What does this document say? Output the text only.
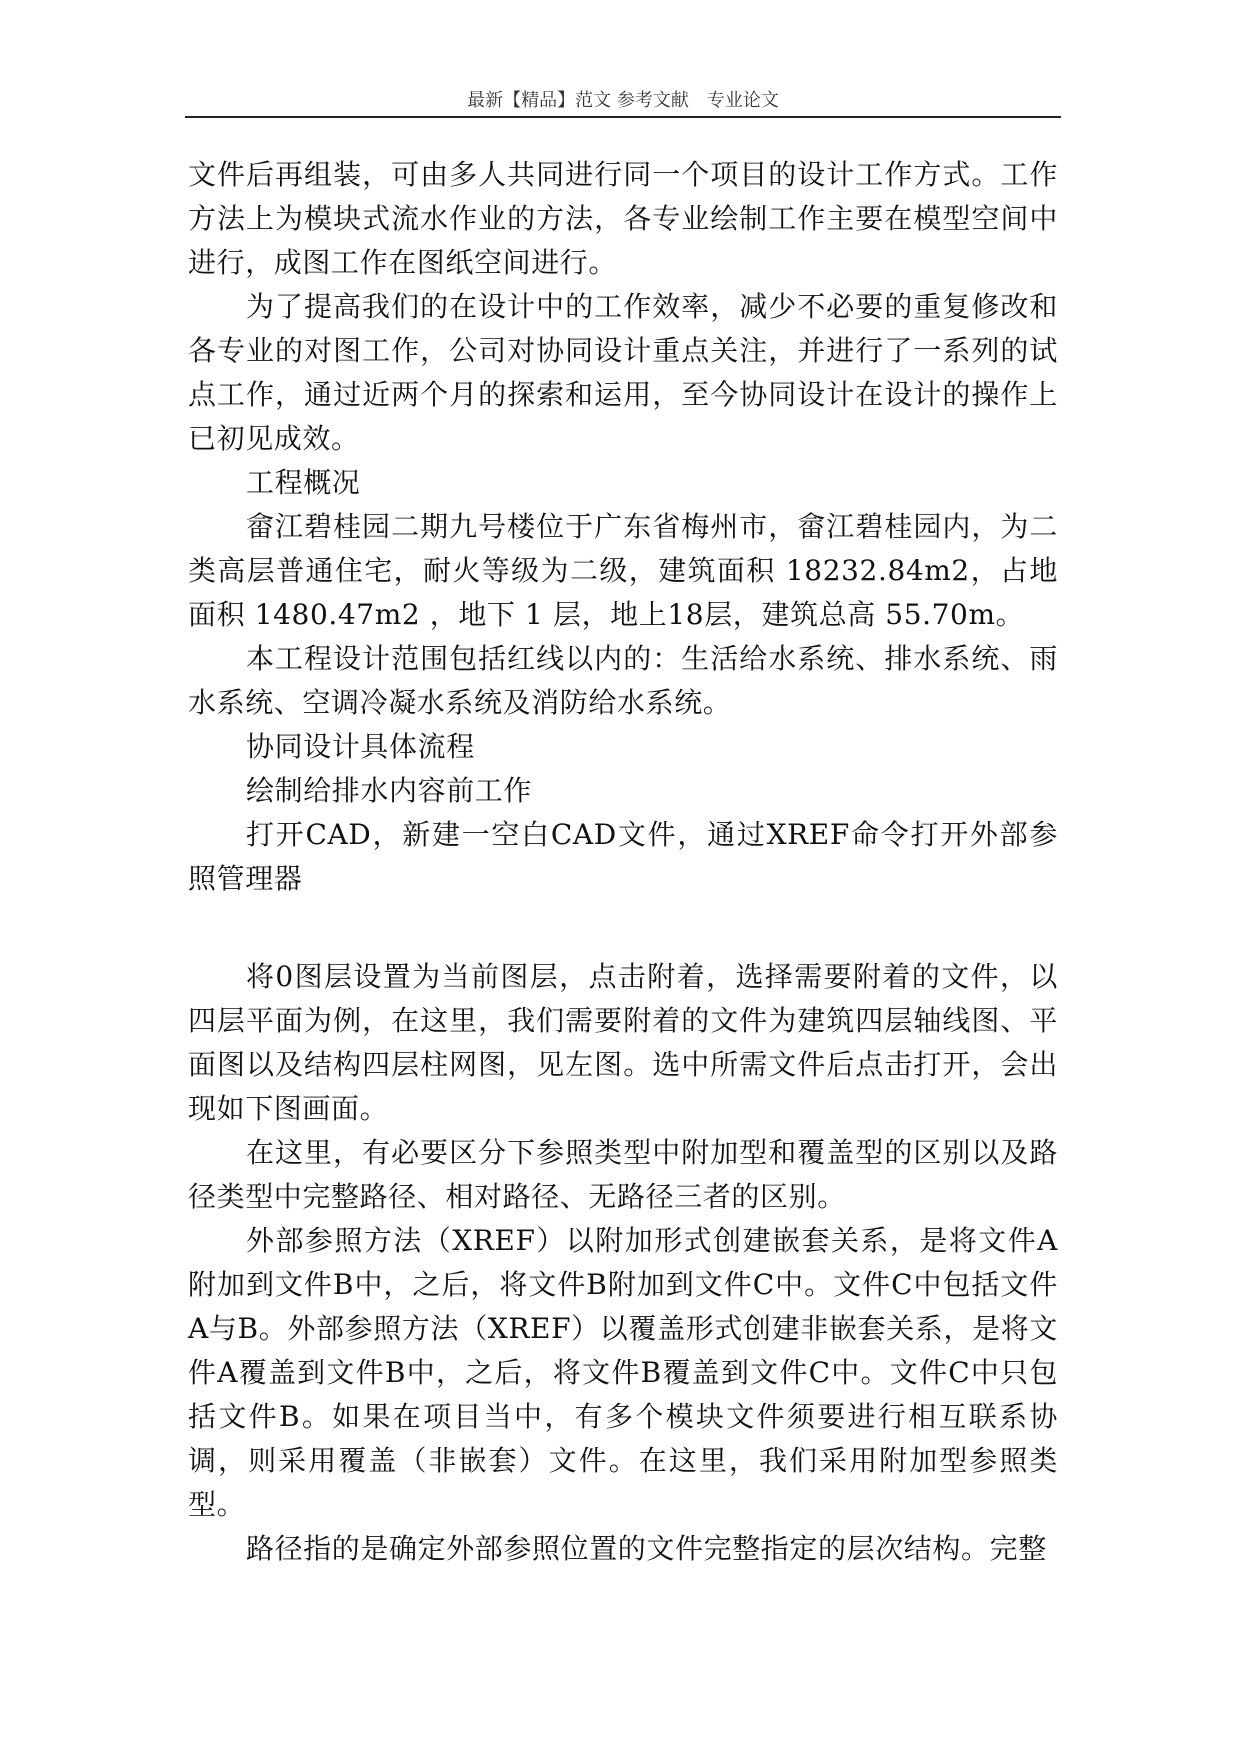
最新【精品】范文 参考文献　专业论文

文件后再组装，可由多人共同进行同一个项目的设计工作方式。工作方法上为模块式流水作业的方法，各专业绘制工作主要在模型空间中进行，成图工作在图纸空间进行。

为了提高我们的在设计中的工作效率，减少不必要的重复修改和各专业的对图工作，公司对协同设计重点关注，并进行了一系列的试点工作，通过近两个月的探索和运用，至今协同设计在设计的操作上已初见成效。

工程概况

畲江碧桂园二期九号楼位于广东省梅州市，畲江碧桂园内，为二类高层普通住宅，耐火等级为二级，建筑面积 18232.84m2，占地面积 1480.47m2 ，地下 1 层，地上18层，建筑总高 55.70m。

本工程设计范围包括红线以内的：生活给水系统、排水系统、雨水系统、空调冷凝水系统及消防给水系统。

协同设计具体流程

绘制给排水内容前工作

打开CAD，新建一空白CAD文件，通过XREF命令打开外部参照管理器

将0图层设置为当前图层，点击附着，选择需要附着的文件，以四层平面为例，在这里，我们需要附着的文件为建筑四层轴线图、平面图以及结构四层柱网图，见左图。选中所需文件后点击打开，会出现如下图画面。

在这里，有必要区分下参照类型中附加型和覆盖型的区别以及路径类型中完整路径、相对路径、无路径三者的区别。

外部参照方法（XREF）以附加形式创建嵌套关系，是将文件A附加到文件B中，之后，将文件B附加到文件C中。文件C中包括文件A与B。外部参照方法（XREF）以覆盖形式创建非嵌套关系，是将文件A覆盖到文件B中，之后，将文件B覆盖到文件C中。文件C中只包括文件B。如果在项目当中，有多个模块文件须要进行相互联系协调，则采用覆盖（非嵌套）文件。在这里，我们采用附加型参照类型。

路径指的是确定外部参照位置的文件完整指定的层次结构。完整
